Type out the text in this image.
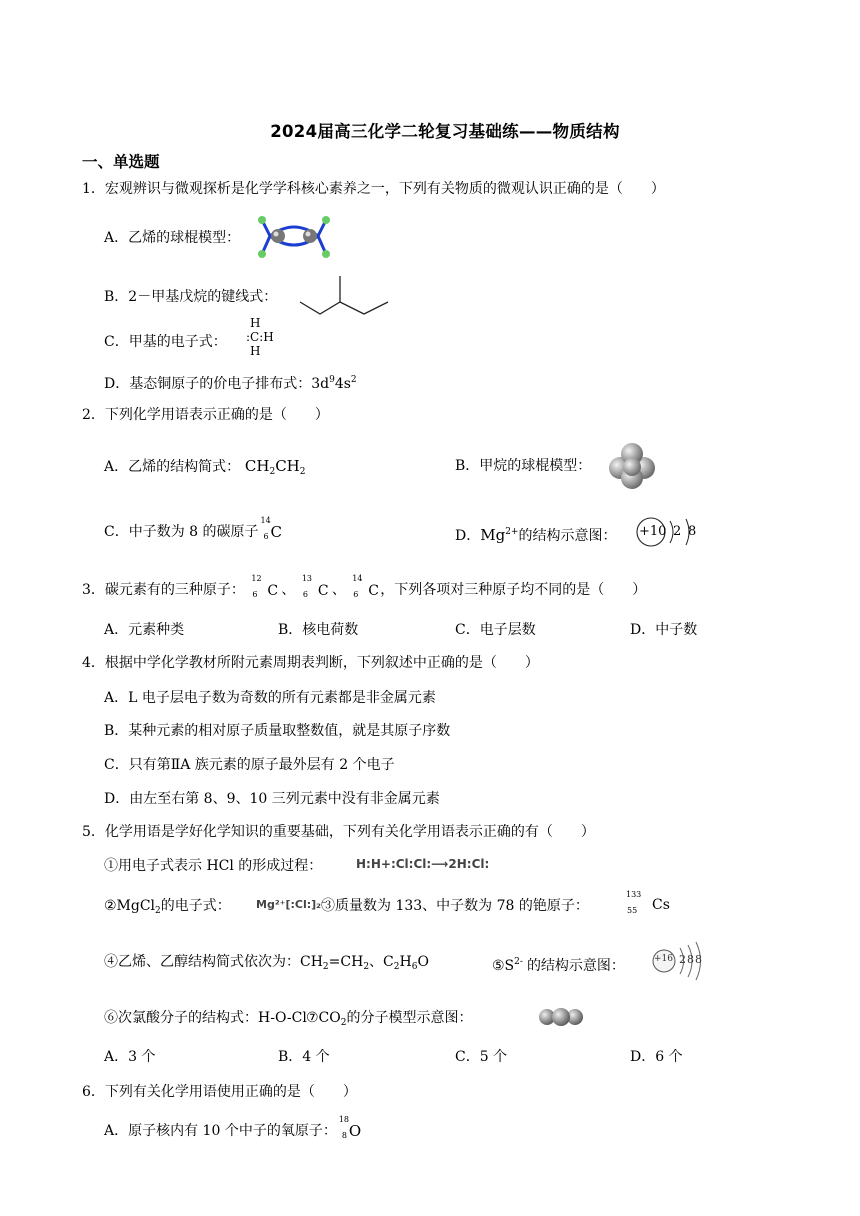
2024届高三化学二轮复习基础练——物质结构
一、单选题
1．宏观辨识与微观探析是化学学科核心素养之一，下列有关物质的微观认识正确的是（　　）
A．乙烯的球棍模型：
B．2－甲基戊烷的键线式：
C．甲基的电子式：
H
:C:H
H
D．基态铜原子的价电子排布式：$3d^94s^2$
2．下列化学用语表示正确的是（　　）
A．乙烯的结构简式： $CH_2CH_2$	B．甲烷的球棍模型：
C．中子数为 8 的碳原子
14
6 C	D．$Mg^{2+}$的结构示意图： +10 2 8
3．碳元素有的三种原子：
12
6 C 、
13
6 C 、
14
6 C ，下列各项对三种原子均不同的是（　　）
A．元素种类	B．核电荷数	C．电子层数	D．中子数
4．根据中学化学教材所附元素周期表判断，下列叙述中正确的是（　　）
A．L 电子层电子数为奇数的所有元素都是非金属元素
B．某种元素的相对原子质量取整数值，就是其原子序数
C．只有第ⅡA 族元素的原子最外层有 2 个电子
D．由左至右第 8、9、10 三列元素中没有非金属元素
5．化学用语是学好化学知识的重要基础，下列有关化学用语表示正确的有（　　）
①用电子式表示 HCl 的形成过程：	H:H+:Cl:Cl:⟶2H:Cl:
②MgCl$_2$的电子式： Mg²⁺[:Cl:]₂⁻
③质量数为 133、中子数为 78 的铯原子：
133
55 Cs
④乙烯、乙醇结构简式依次为：$CH_2=CH_2$、$C_2H_6O$	$⑤S^{2-}$ 的结构示意图：	+16 288
⑥次氯酸分子的结构式：H-O-Cl $⑦CO_2$的分子模型示意图：
A．3 个	B．4 个	C．5 个	D．6 个
6．下列有关化学用语使用正确的是（　　）
A．原子核内有 10 个中子的氧原子：
18
8 O
